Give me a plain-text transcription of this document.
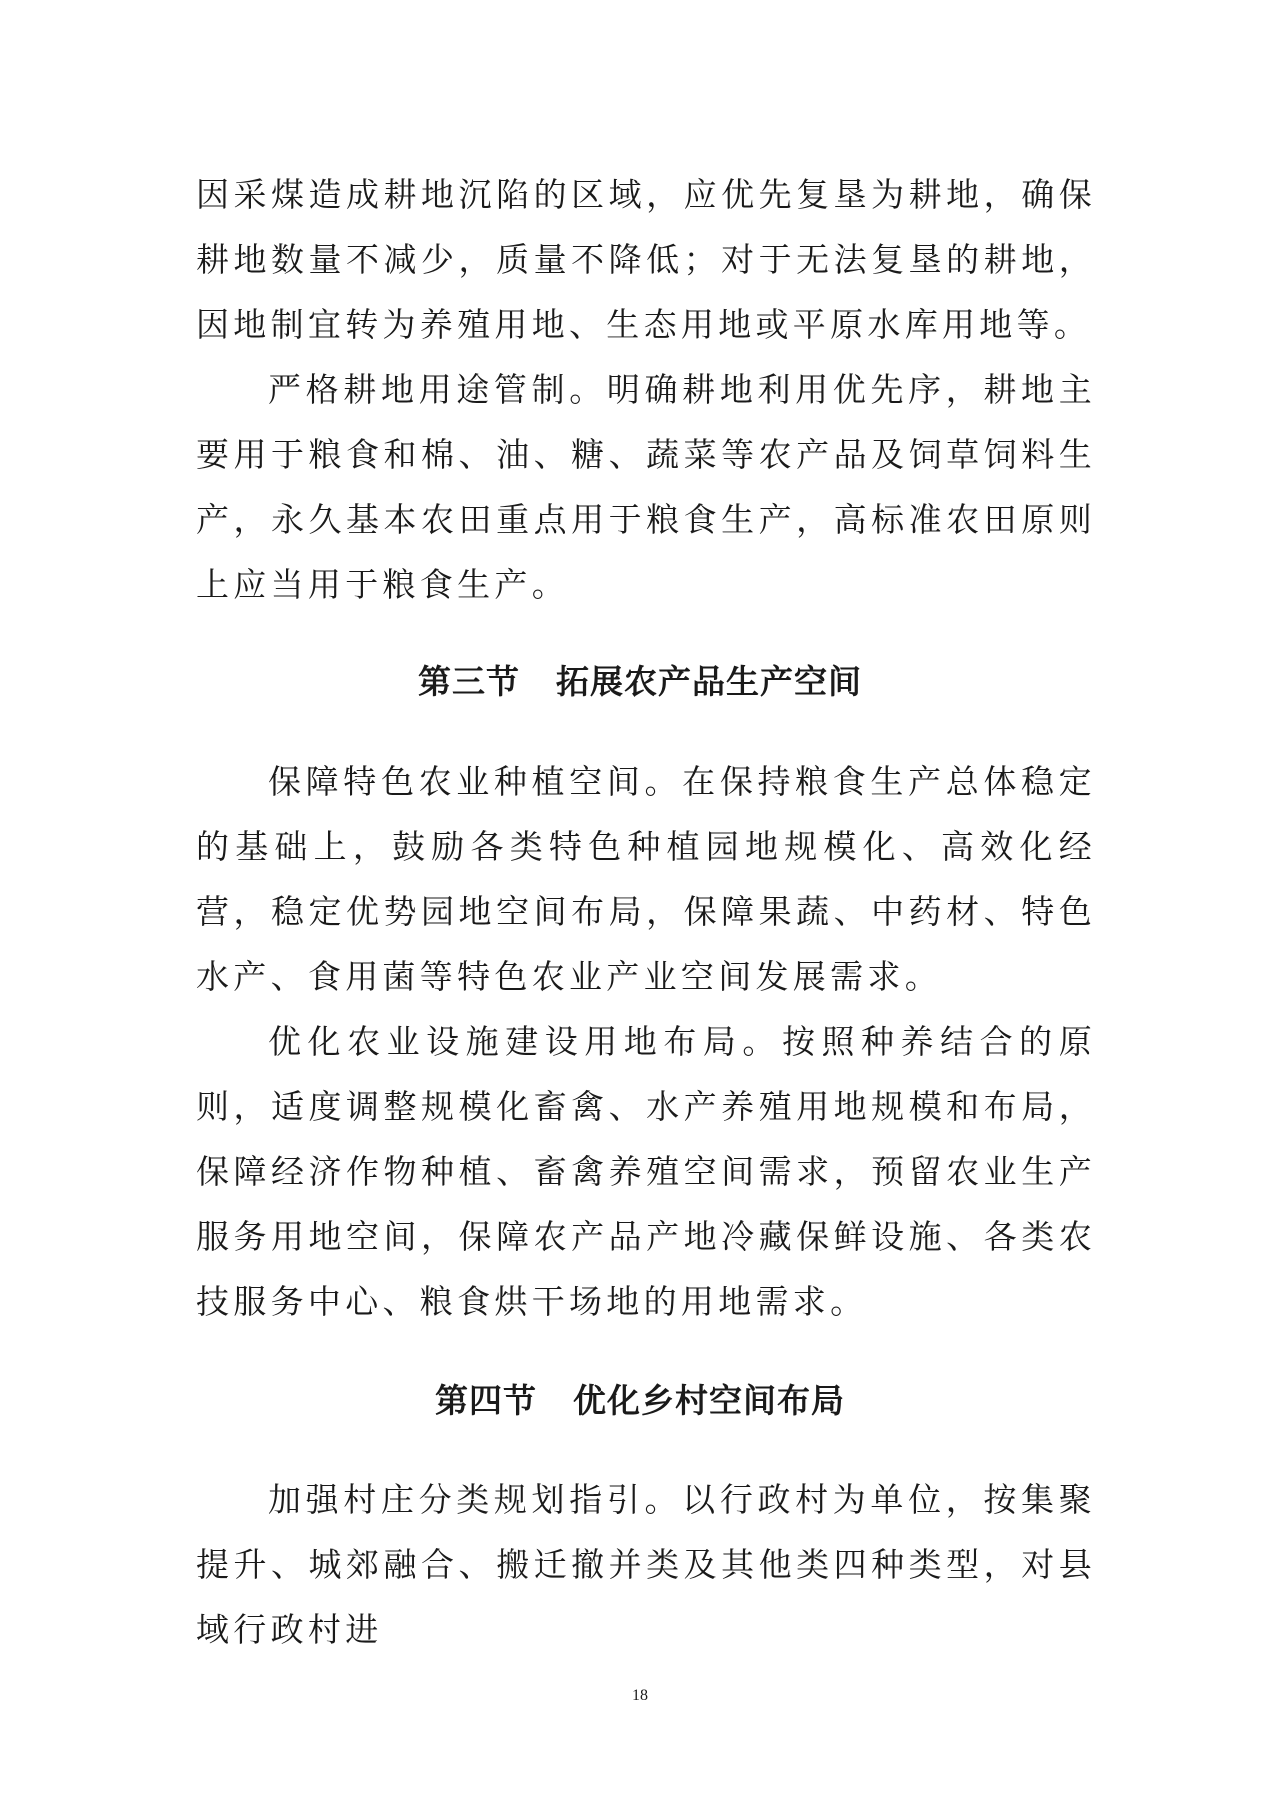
因采煤造成耕地沉陷的区域，应优先复垦为耕地，确保耕地数量不减少，质量不降低；对于无法复垦的耕地，因地制宜转为养殖用地、生态用地或平原水库用地等。

严格耕地用途管制。明确耕地利用优先序，耕地主要用于粮食和棉、油、糖、蔬菜等农产品及饲草饲料生产，永久基本农田重点用于粮食生产，高标准农田原则上应当用于粮食生产。

第三节 拓展农产品生产空间

保障特色农业种植空间。在保持粮食生产总体稳定的基础上，鼓励各类特色种植园地规模化、高效化经营，稳定优势园地空间布局，保障果蔬、中药材、特色水产、食用菌等特色农业产业空间发展需求。

优化农业设施建设用地布局。按照种养结合的原则，适度调整规模化畜禽、水产养殖用地规模和布局，保障经济作物种植、畜禽养殖空间需求，预留农业生产服务用地空间，保障农产品产地冷藏保鲜设施、各类农技服务中心、粮食烘干场地的用地需求。

第四节 优化乡村空间布局

加强村庄分类规划指引。以行政村为单位，按集聚提升、城郊融合、搬迁撤并类及其他类四种类型，对县域行政村进

18
